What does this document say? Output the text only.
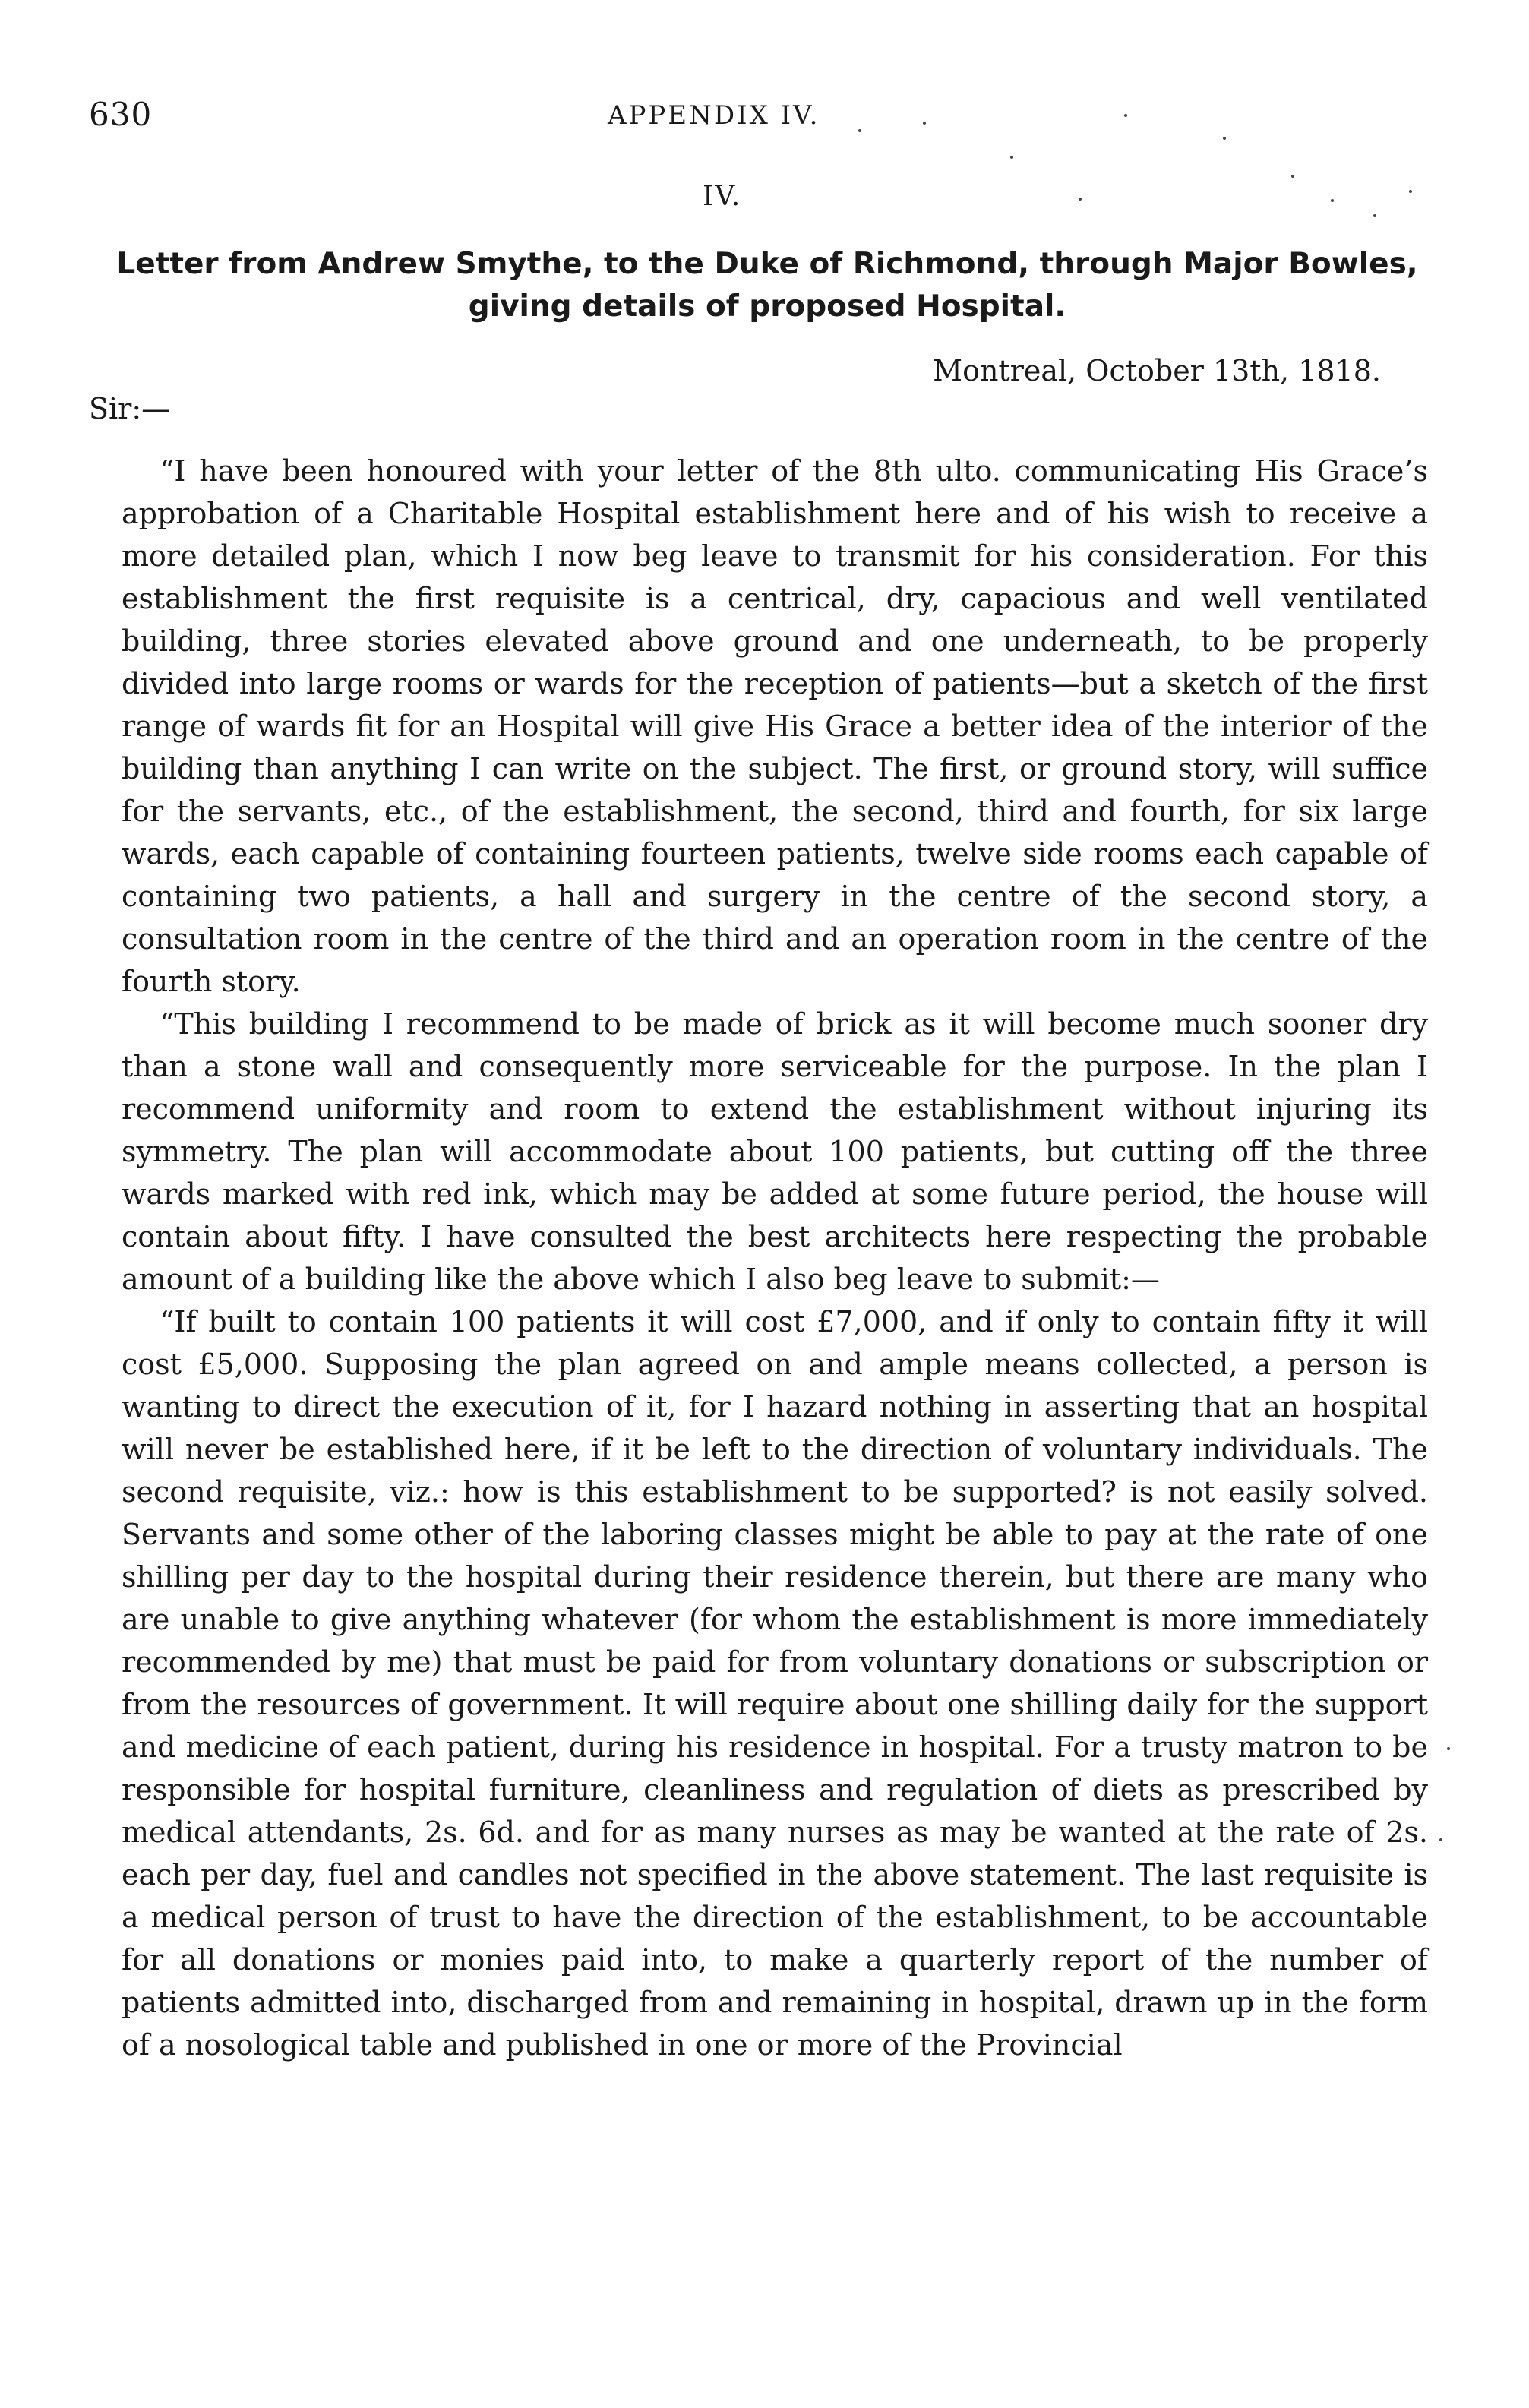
630	APPENDIX IV.
IV.
Letter from Andrew Smythe, to the Duke of Richmond, through Major Bowles, giving details of proposed Hospital.
Montreal, October 13th, 1818.
Sir:—

“I have been honoured with your letter of the 8th ulto. communicating His Grace’s approbation of a Charitable Hospital establishment here and of his wish to receive a more detailed plan, which I now beg leave to transmit for his consideration. For this establishment the first requisite is a centrical, dry, capacious and well ventilated building, three stories elevated above ground and one underneath, to be properly divided into large rooms or wards for the reception of patients—but a sketch of the first range of wards fit for an Hospital will give His Grace a better idea of the interior of the building than anything I can write on the subject. The first, or ground story, will suffice for the servants, etc., of the establishment, the second, third and fourth, for six large wards, each capable of containing fourteen patients, twelve side rooms each capable of containing two patients, a hall and surgery in the centre of the second story, a consultation room in the centre of the third and an operation room in the centre of the fourth story.

“This building I recommend to be made of brick as it will become much sooner dry than a stone wall and consequently more serviceable for the purpose. In the plan I recommend uniformity and room to extend the establishment without injuring its symmetry. The plan will accommodate about 100 patients, but cutting off the three wards marked with red ink, which may be added at some future period, the house will contain about fifty. I have consulted the best architects here respecting the probable amount of a building like the above which I also beg leave to submit:—

“If built to contain 100 patients it will cost £7,000, and if only to contain fifty it will cost £5,000. Supposing the plan agreed on and ample means collected, a person is wanting to direct the execution of it, for I hazard nothing in asserting that an hospital will never be established here, if it be left to the direction of voluntary individuals. The second requisite, viz.: how is this establishment to be supported? is not easily solved. Servants and some other of the laboring classes might be able to pay at the rate of one shilling per day to the hospital during their residence therein, but there are many who are unable to give anything whatever (for whom the establishment is more immediately recommended by me) that must be paid for from voluntary donations or subscription or from the resources of government. It will require about one shilling daily for the support and medicine of each patient, during his residence in hospital. For a trusty matron to be responsible for hospital furniture, cleanliness and regulation of diets as prescribed by medical attendants, 2s. 6d. and for as many nurses as may be wanted at the rate of 2s. each per day, fuel and candles not specified in the above statement. The last requisite is a medical person of trust to have the direction of the establishment, to be accountable for all donations or monies paid into, to make a quarterly report of the number of patients admitted into, discharged from and remaining in hospital, drawn up in the form of a nosological table and published in one or more of the Provincial
